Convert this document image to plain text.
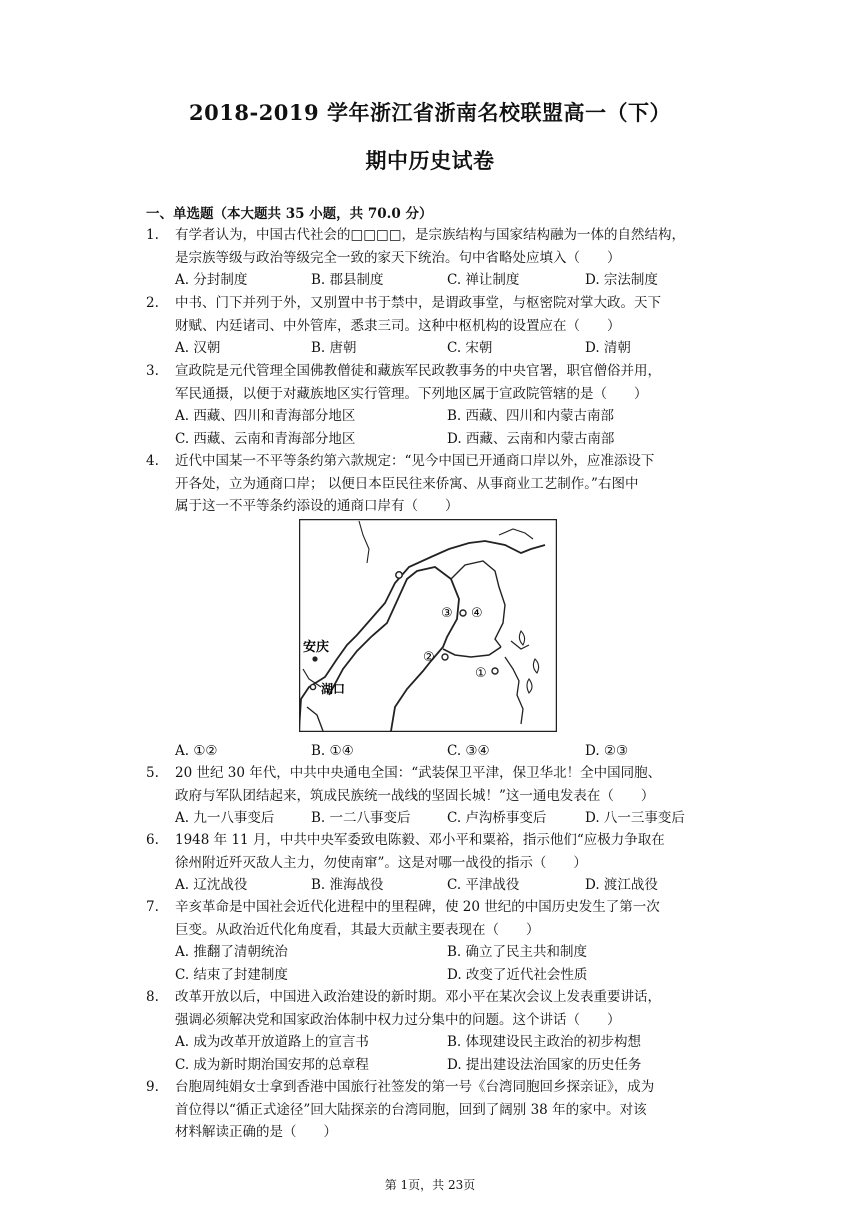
2018-2019 学年浙江省浙南名校联盟高一（下）
期中历史试卷
一、单选题（本大题共 35 小题，共 70.0 分）
1.	有学者认为，中国古代社会的□□□□，是宗族结构与国家结构融为一体的自然结构，
是宗族等级与政治等级完全一致的家天下统治。句中省略处应填入（　　）
A. 分封制度	B. 郡县制度	C. 禅让制度	D. 宗法制度
2.	中书、门下并列于外，又别置中书于禁中，是谓政事堂，与枢密院对掌大政。天下
财赋、内廷诸司、中外管库，悉隶三司。这种中枢机构的设置应在（　　）
A. 汉朝	B. 唐朝	C. 宋朝	D. 清朝
3.	宣政院是元代管理全国佛教僧徒和藏族军民政教事务的中央官署，职官僧俗并用，
军民通摄，以便于对藏族地区实行管理。下列地区属于宣政院管辖的是（　　）
A. 西藏、四川和青海部分地区	B. 西藏、四川和内蒙古南部
C. 西藏、云南和青海部分地区	D. 西藏、云南和内蒙古南部
4.	近代中国某一不平等条约第六款规定：“见今中国已开通商口岸以外，应准添设下
开各处，立为通商口岸； 以便日本臣民往来侨寓、从事商业工艺制作。”右图中
属于这一不平等条约添设的通商口岸有（　　）
安庆
湖口
①
②
③ ④
A. ①②	B. ①④	C. ③④	D. ②③
5.	20 世纪 30 年代，中共中央通电全国：“武装保卫平津，保卫华北！全中国同胞、
政府与军队团结起来，筑成民族统一战线的坚固长城！”这一通电发表在（　　）
A. 九一八事变后	B. 一二八事变后	C. 卢沟桥事变后	D. 八一三事变后
6.	1948 年 11 月，中共中央军委致电陈毅、邓小平和粟裕，指示他们“应极力争取在
徐州附近歼灭敌人主力，勿使南窜”。这是对哪一战役的指示（　　）
A. 辽沈战役	B. 淮海战役	C. 平津战役	D. 渡江战役
7.	辛亥革命是中国社会近代化进程中的里程碑，使 20 世纪的中国历史发生了第一次
巨变。从政治近代化角度看，其最大贡献主要表现在（　　）
A. 推翻了清朝统治	B. 确立了民主共和制度
C. 结束了封建制度	D. 改变了近代社会性质
8.	改革开放以后，中国进入政治建设的新时期。邓小平在某次会议上发表重要讲话，
强调必须解决党和国家政治体制中权力过分集中的问题。这个讲话（　　）
A. 成为改革开放道路上的宣言书	B. 体现建设民主政治的初步构想
C. 成为新时期治国安邦的总章程	D. 提出建设法治国家的历史任务
9.	台胞周纯娟女士拿到香港中国旅行社签发的第一号《台湾同胞回乡探亲证》，成为
首位得以“循正式途径”回大陆探亲的台湾同胞，回到了阔别 38 年的家中。对该
材料解读正确的是（　　）
第 1页，共 23页
